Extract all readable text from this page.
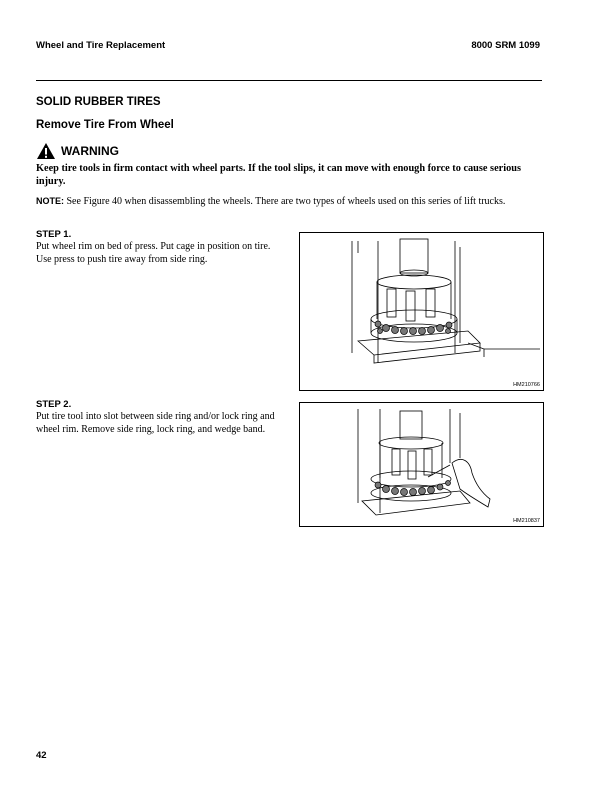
Wheel and Tire Replacement	8000 SRM 1099
SOLID RUBBER TIRES
Remove Tire From Wheel
WARNING
Keep tire tools in firm contact with wheel parts. If the tool slips, it can move with enough force to cause serious injury.
NOTE: See Figure 40 when disassembling the wheels. There are two types of wheels used on this series of lift trucks.
STEP 1.
Put wheel rim on bed of press. Put cage in position on tire. Use press to push tire away from side ring.
HM210766
STEP 2.
Put tire tool into slot between side ring and/or lock ring and wheel rim. Remove side ring, lock ring, and wedge band.
HM210837
42
